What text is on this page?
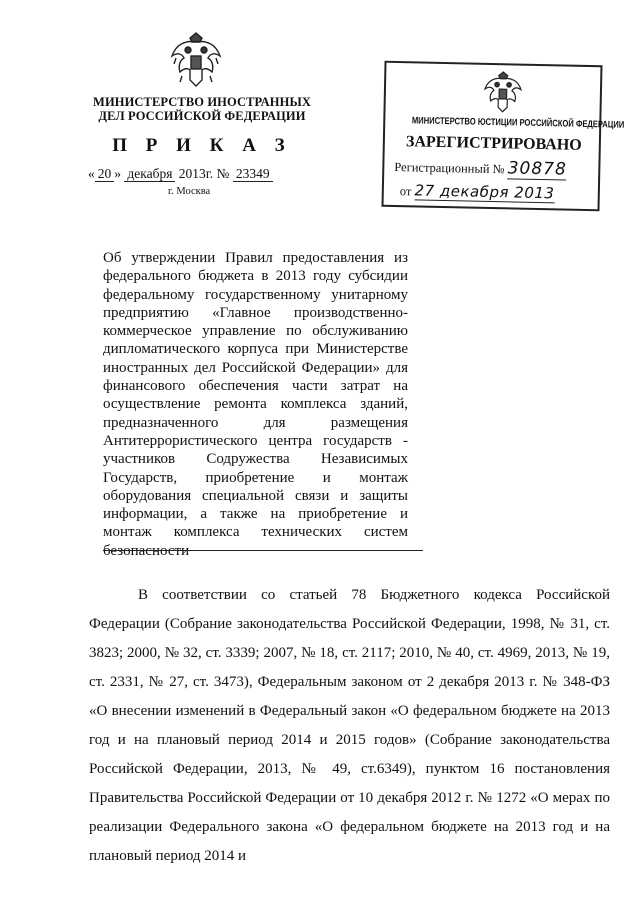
МИНИСТЕРСТВО ИНОСТРАННЫХ ДЕЛ РОССИЙСКОЙ ФЕДЕРАЦИИ
П Р И К А З
« 20 » декабря 2013г. № 23349
г. Москва
МИНИСТЕРСТВО ЮСТИЦИИ РОССИЙСКОЙ ФЕДЕРАЦИИ
ЗАРЕГИСТРИРОВАНО
Регистрационный № 30878
от 27 декабря 2013
Об утверждении Правил предоставления из федерального бюджета в 2013 году субсидии федеральному государственному унитарному предприятию «Главное производственно-коммерческое управление по обслуживанию дипломатического корпуса при Министерстве иностранных дел Российской Федерации» для финансового обеспечения части затрат на осуществление ремонта комплекса зданий, предназначенного для размещения Антитеррористического центра государств - участников Содружества Независимых Государств, приобретение и монтаж оборудования специальной связи и защиты информации, а также на приобретение и монтаж комплекса технических систем безопасности
В соответствии со статьей 78 Бюджетного кодекса Российской Федерации (Собрание законодательства Российской Федерации, 1998, № 31, ст. 3823; 2000, № 32, ст. 3339; 2007, № 18, ст. 2117; 2010, № 40, ст. 4969, 2013, № 19, ст. 2331, № 27, ст. 3473), Федеральным законом от 2 декабря 2013 г. № 348-ФЗ «О внесении изменений в Федеральный закон «О федеральном бюджете на 2013 год и на плановый период 2014 и 2015 годов» (Собрание законодательства Российской Федерации, 2013, № 49, ст.6349), пунктом 16 постановления Правительства Российской Федерации от 10 декабря 2012 г. № 1272 «О мерах по реализации Федерального закона «О федеральном бюджете на 2013 год и на плановый период 2014 и
